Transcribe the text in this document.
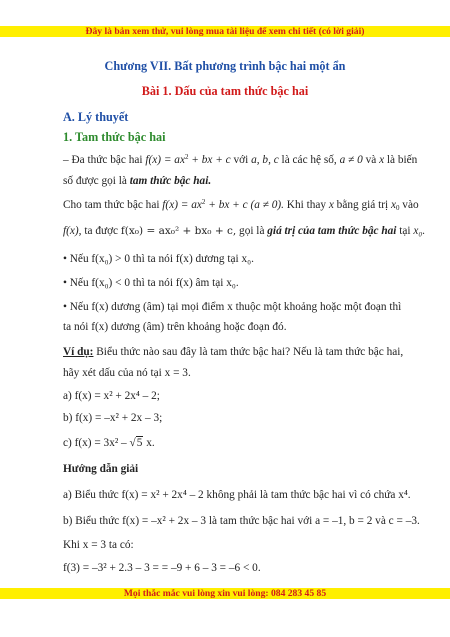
Đây là bản xem thử, vui lòng mua tài liệu để xem chi tiết (có lời giải)
Chương VII. Bất phương trình bậc hai một ẩn
Bài 1. Dấu của tam thức bậc hai
A. Lý thuyết
1. Tam thức bậc hai
– Đa thức bậc hai $f(x) = ax^2$ + bx + c với a, b, c là các hệ số, a ≠ 0 và x là biến
số được gọi là tam thức bậc hai.
Cho tam thức bậc hai $f(x) = ax^2$ + bx + c (a ≠ 0). Khi thay x bằng giá trị $x_0$ vào
f(x), ta được f(x₀) = ax₀² + bx₀ + c, gọi là giá trị của tam thức bậc hai tại x₀.
• Nếu f(x₀) > 0 thì ta nói f(x) dương tại x₀.
• Nếu f(x₀) < 0 thì ta nói f(x) âm tại x₀.
• Nếu f(x) dương (âm) tại mọi điểm x thuộc một khoảng hoặc một đoạn thì
ta nói f(x) dương (âm) trên khoảng hoặc đoạn đó.
Ví dụ: Biểu thức nào sau đây là tam thức bậc hai? Nếu là tam thức bậc hai,
hãy xét dấu của nó tại x = 3.
a) f(x) = x² + 2x⁴ – 2;
b) f(x) = –x² + 2x – 3;
c) f(x) = 3x² – √5 x.
Hướng dẫn giải
a) Biểu thức f(x) = x² + 2x⁴ – 2 không phải là tam thức bậc hai vì có chứa x⁴.
b) Biểu thức f(x) = –x² + 2x – 3 là tam thức bậc hai với a = –1, b = 2 và c = –3.
Khi x = 3 ta có:
f(3) = –3² + 2.3 – 3 = = –9 + 6 – 3 = –6 < 0.
Mọi thắc mắc vui lòng xin vui lòng: 084 283 45 85
